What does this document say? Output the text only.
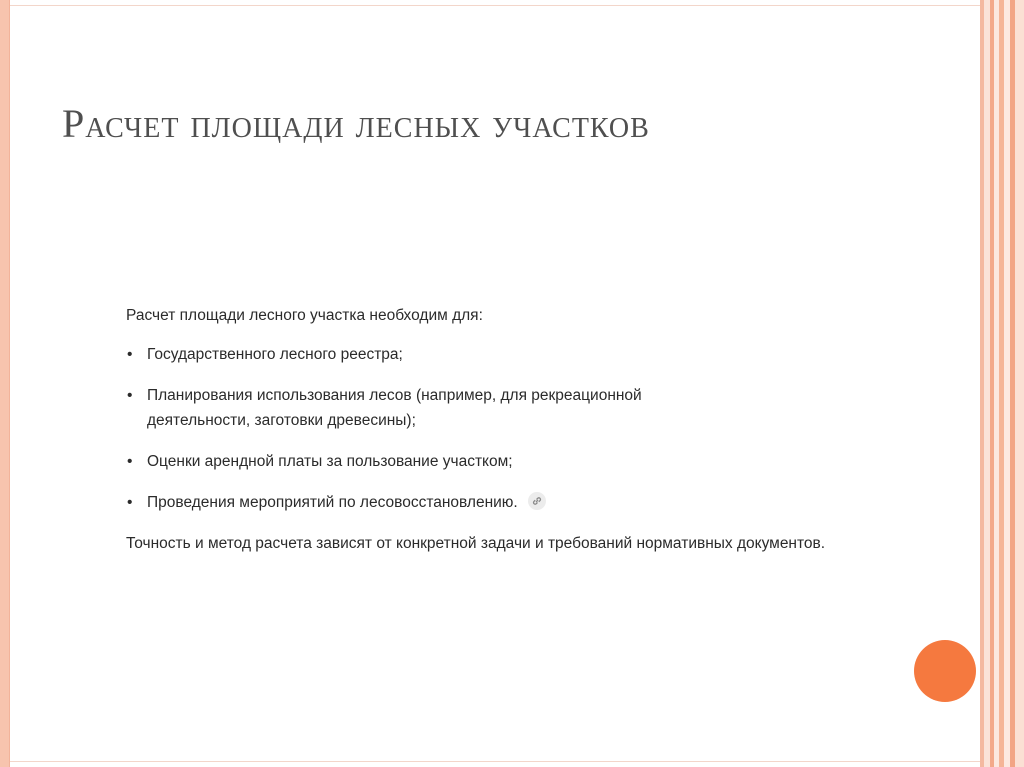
Расчет площади лесных участков

Расчет площади лесного участка необходим для:

• Государственного лесного реестра;
• Планирования использования лесов (например, для рекреационной деятельности, заготовки древесины);
• Оценки арендной платы за пользование участком;
• Проведения мероприятий по лесовосстановлению.

Точность и метод расчета зависят от конкретной задачи и требований нормативных документов.
